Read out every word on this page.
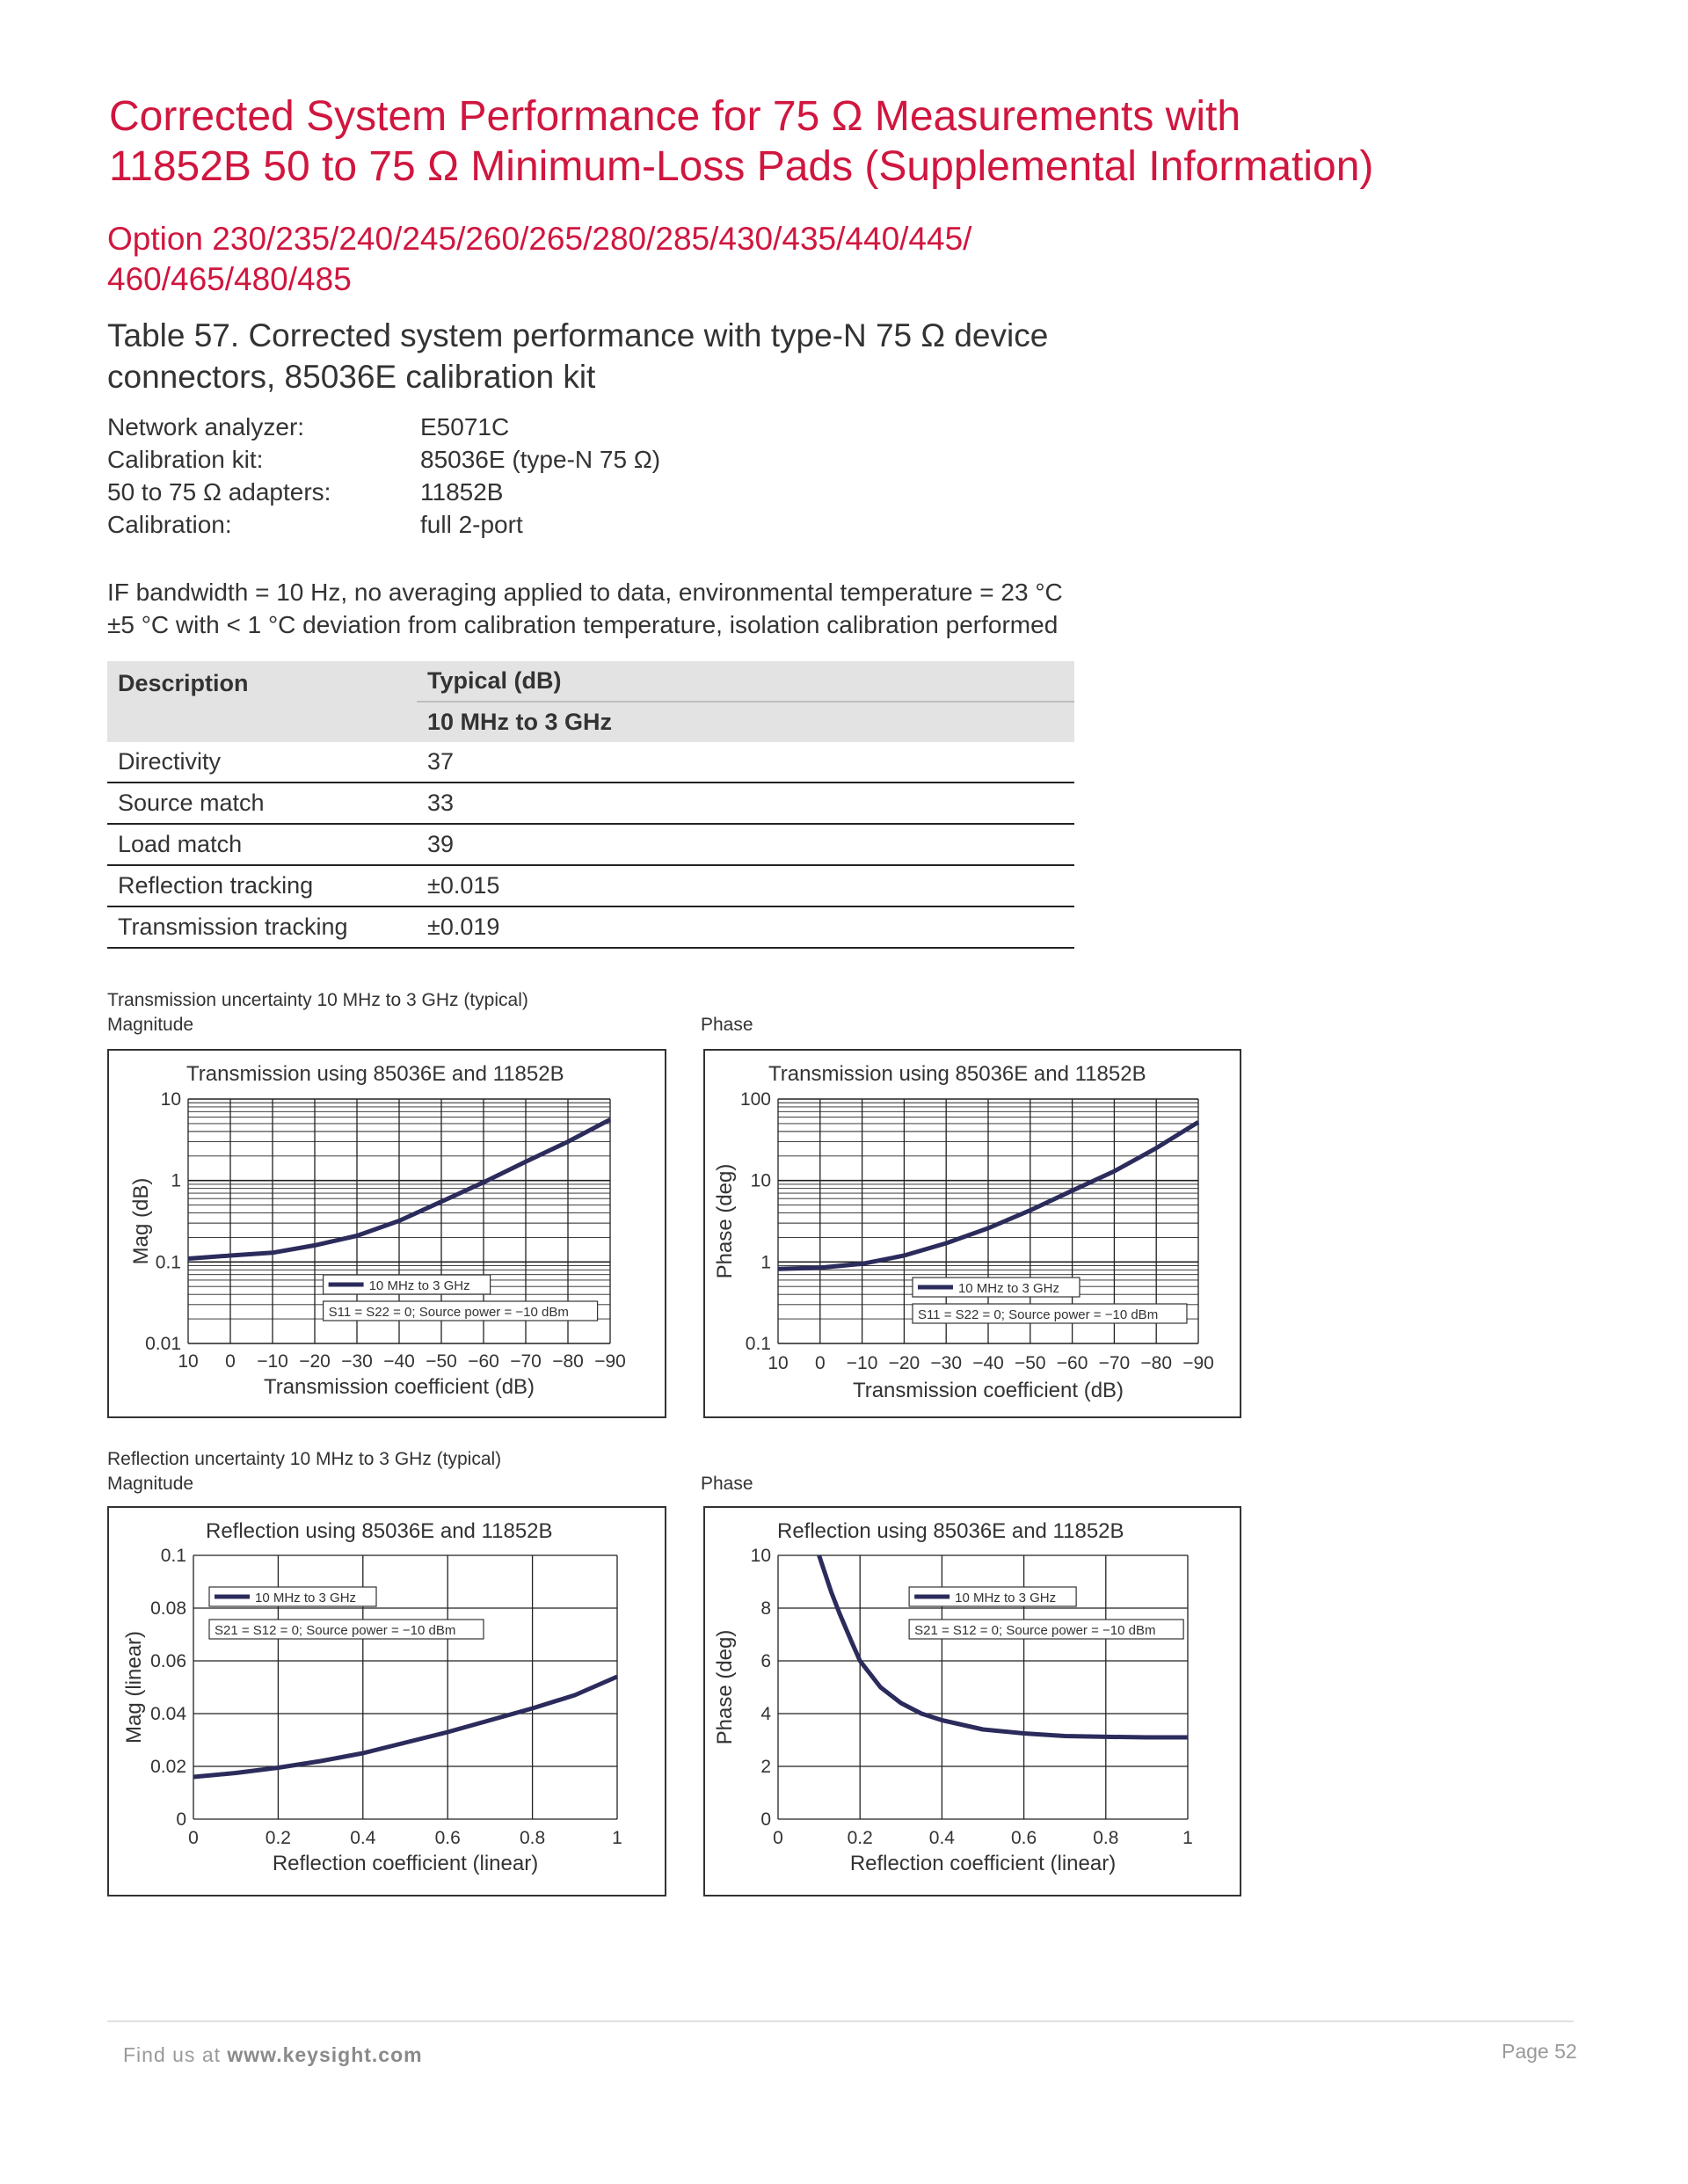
Corrected System Performance for 75 Ω Measurements with
11852B 50 to 75 Ω Minimum-Loss Pads (Supplemental Information)
Option 230/235/240/245/260/265/280/285/430/435/440/445/
460/465/480/485
Table 57. Corrected system performance with type-N 75 Ω device
connectors, 85036E calibration kit
Network analyzer:	E5071C
Calibration kit:	85036E (type-N 75 Ω)
50 to 75 Ω adapters:	11852B
Calibration:	full 2-port
IF bandwidth = 10 Hz, no averaging applied to data, environmental temperature = 23 °C
±5 °C with < 1 °C deviation from calibration temperature, isolation calibration performed
Description	Typical (dB)
	10 MHz to 3 GHz
Directivity	37
Source match	33
Load match	39
Reflection tracking	±0.015
Transmission tracking	±0.019
Transmission uncertainty 10 MHz to 3 GHz (typical)
Magnitude	Phase
Reflection uncertainty 10 MHz to 3 GHz (typical)
Magnitude	Phase
10 0 −10 −20 −30 −40 −50 −60 −70 −80 −90
10
1
0.1
0.01
Transmission using 85036E and 11852B
Transmission coefficient (dB)
Mag (dB)
10 MHz to 3 GHz
S11 = S22 = 0; Source power = −10 dBm
10 0 −10 −20 −30 −40 −50 −60 −70 −80 −90
100
10
1
0.1
Transmission using 85036E and 11852B
Transmission coefficient (dB)
Phase (deg)
10 MHz to 3 GHz
S11 = S22 = 0; Source power = −10 dBm
0	0.2	0.4	0.6	0.8	1
0.1
0.08
0.06
0.04
0.02
0
Reflection using 85036E and 11852B
Reflection coefficient (linear)
Mag (linear)
10 MHz to 3 GHz
S21 = S12 = 0; Source power = −10 dBm
0	0.2	0.4	0.6	0.8	1
10
8
6
4
2
0
Reflection using 85036E and 11852B
Reflection coefficient (linear)
Phase (deg)
10 MHz to 3 GHz
S21 = S12 = 0; Source power = −10 dBm
Find us at www.keysight.com	Page 52
